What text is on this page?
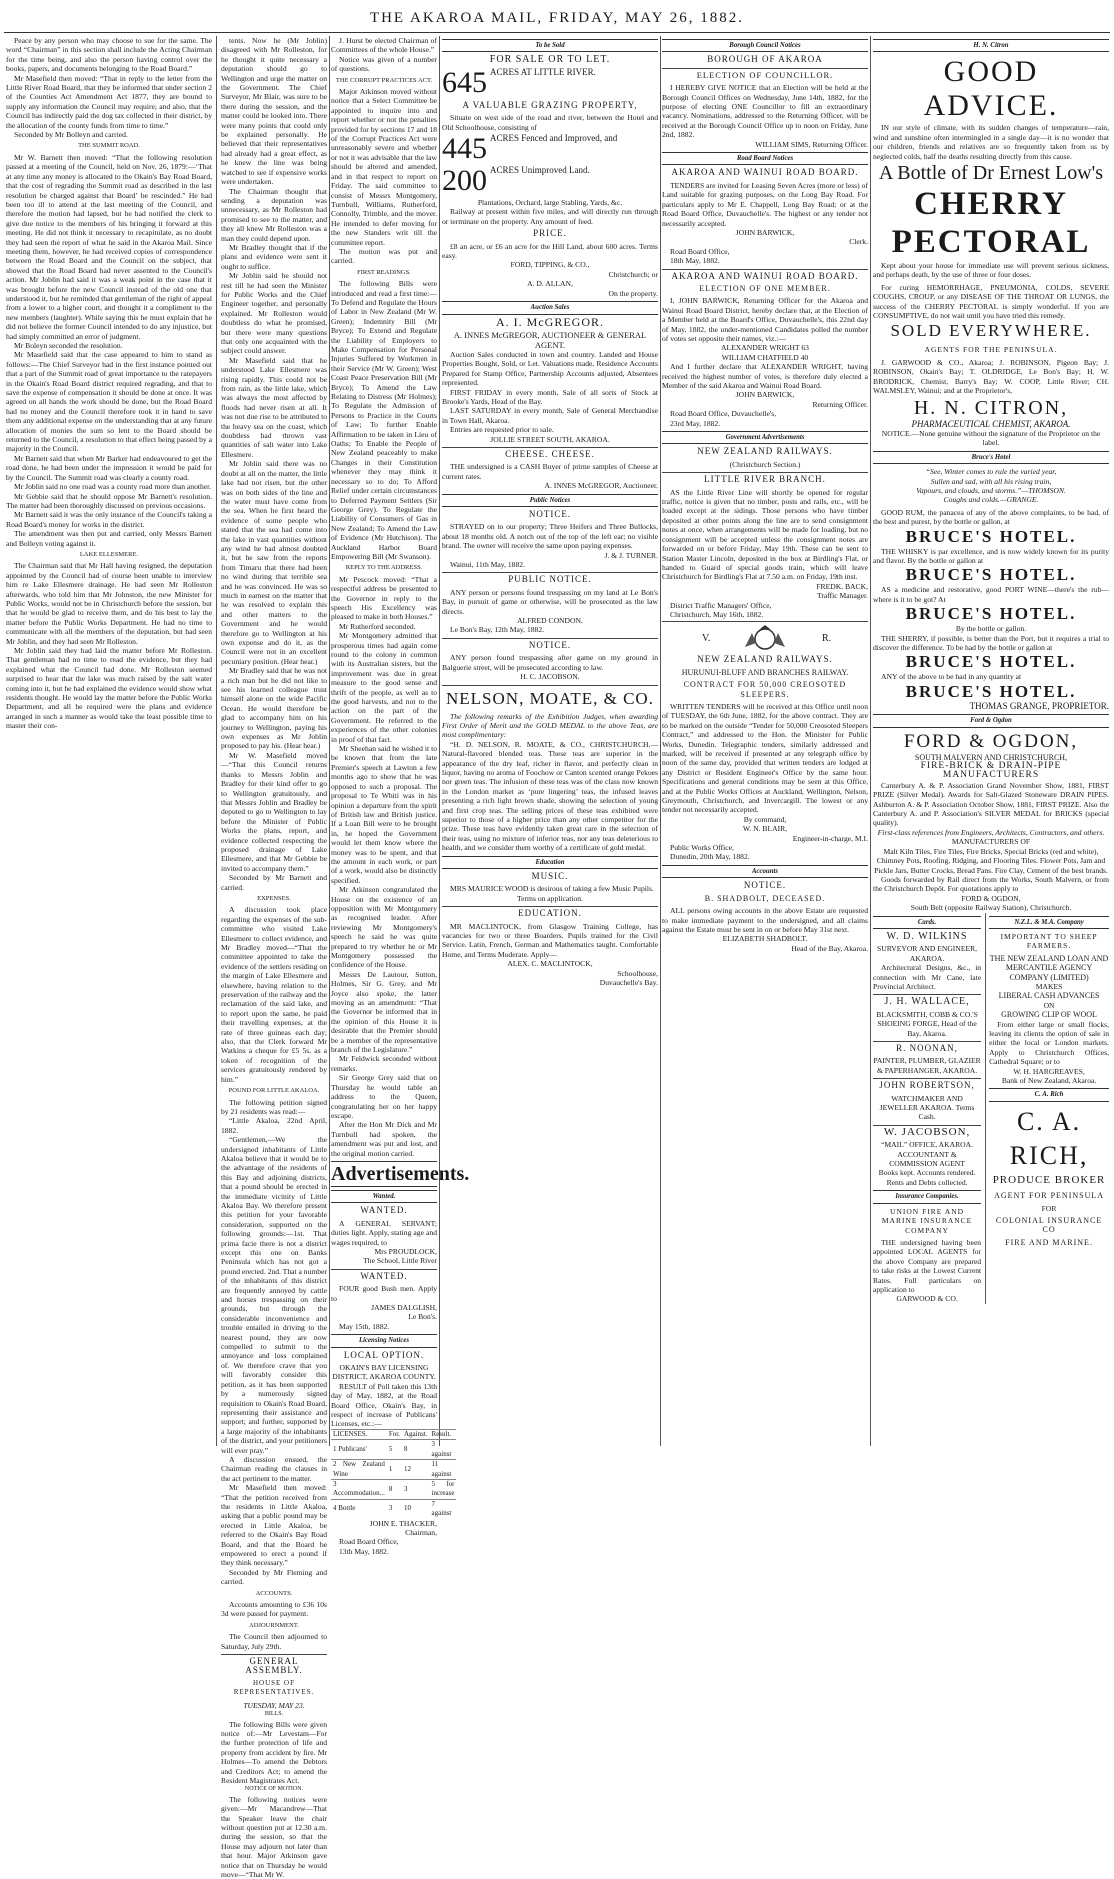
THE AKAROA MAIL, FRIDAY, MAY 26, 1882.

Peace by any person who may choose to sue for the same. The word “Chairman” in this section shall include the Acting Chairman for the time being, and also the person having control over the books, papers, and documents belonging to the Road Board.”

Mr Masefield then moved: “That in reply to the letter from the Little River Road Board, that they be informed that under section 2 of the Counties Act Amendment Act 1877, they are bound to supply any information the Council may require; and also, that the Council has indirectly paid the dog tax collected in their district, by the allocation of the county funds from time to time.”

Seconded by Mr Bolleyn and carried.

THE SUMMIT ROAD.

Mr W. Barnett then moved: “That the following resolution passed at a meeting of the Council, held on Nov. 26, 1879:—‘That at any time any money is allocated to the Okain's Bay Road Board, that the cost of regrading the Summit road as described in the last resolution be charged against that Board’ be rescinded.” He had been too ill to attend at the last meeting of the Council, and therefore the motion had lapsed, but he had notified the clerk to give due notice to the members of his bringing it forward at this meeting. He did not think it necessary to recapitulate, as no doubt they had seen the report of what he said in the Akaroa Mail. Since meeting them, however, he had received copies of correspondence between the Road Board and the Council on the subject, that showed that the Road Board had never assented to the Council's action. Mr Joblin had said it was a weak point in the case that it was brought before the new Council instead of the old one that understood it, but he reminded that gentleman of the right of appeal from a lower to a higher court, and thought it a compliment to the new members (laughter). While saying this he must explain that he did not believe the former Council intended to do any injustice, but had simply committed an error of judgment.

Mr Boleyn seconded the resolution.

Mr Masefield said that the case appeared to him to stand as follows:—The Chief Surveyor had in the first instance pointed out that a part of the Summit road of great importance to the ratepayers in the Okain's Road Board district required regrading, and that to save the expense of compensation it should be done at once. It was agreed on all hands the work should be done, but the Road Board had no money and the Council therefore took it in hand to save them any additional expense on the understanding that at any future allocation of monies the sum so lent to the Board should be returned to the Council, a resolution to that effect being passed by a majority in the Council.

Mr Barnett said that when Mr Barker had endeavoured to get the road done, he had been under the impression it would be paid for by the Council. The Summit road was clearly a county road.

Mr Joblin said no one road was a county road more than another.

Mr Gebbie said that he should oppose Mr Barnett's resolution. The matter had been thoroughly discussed on previous occasions.

Mr Barnett said it was the only instance of the Council's taking a Road Board's money for works in the district.

The amendment was then put and carried, only Messrs Barnett and Bolleyn voting against it.

LAKE ELLESMERE.

The Chairman said that Mr Hall having resigned, the deputation appointed by the Council had of course been unable to interview him re Lake Ellesmere drainage. He had seen Mr Rolleston afterwards, who told him that Mr Johnston, the new Minister for Public Works, would not be in Christchurch before the session, but that he would be glad to receive them, and do his best to lay the matter before the Public Works Department. He had no time to communicate with all the members of the deputation, but had seen Mr Joblin, and they had seen Mr Rolleston.

Mr Joblin said they had laid the matter before Mr Rolleston. That gentleman had no time to read the evidence, but they had explained what the Council had done. Mr Rolleston seemed surprised to hear that the lake was much raised by the salt water coming into it, but he had explained the evidence would show what residents thought. He would lay the matter before the Public Works Department, and all he required were the plans and evidence arranged in such a manner as would take the least possible time to master their con-

tents. Now he (Mr Joblin) disagreed with Mr Rolleston, for he thought it quite necessary a deputation should go to Wellington and urge the matter on the Government. The Chief Surveyor, Mr Blair, was sure to be there during the session, and the matter could be looked into. There were many points that could only be explained personally. He believed that their representatives had already had a great effect, as he knew the line was being watched to see if expensive works were undertaken.

The Chairman thought that sending a deputation was unnecessary, as Mr Rolleston had promised to see to the matter, and they all knew Mr Rolleston was a man they could depend upon.

Mr Bradley thought that if the plans and evidence were sent it ought to suffice.

Mr Joblin said he should not rest till he had seen the Minister for Public Works and the Chief Engineer together, and personally explained. Mr Rolleston would doubtless do what he promised, but there were many questions that only one acquainted with the subject could answer.

Mr Masefield said that he understood Lake Ellesmere was rising rapidly. This could not be from rain, as the little lake, which was always the most affected by floods had never risen at all. It was not due rise to be attributed to the heavy sea on the coast, which doubtless had thrown vast quantities of salt water into Lake Ellesmere.

Mr Joblin said there was no doubt at all on the matter, the little lake had not risen, but the other was on both sides of the line and the water must have come from the sea. When he first heard the evidence of some people who stated that the sea had come into the lake in vast quantities without any wind he had almost doubted it, but he saw from the reports from Timaru that there had been no wind during that terrible sea and he was convinced. He was so much in earnest on the matter that he was resolved to explain this and other matters to the Government and he would therefore go to Wellington at his own expense and do it, as the Council were not in an excellent pecuniary position. (Hear hear.)

Mr Bradley said that he was not a rich man but he did not like to see his learned colleague trust himself alone on the wide Pacific Ocean. He would therefore be glad to accompany him on his journey to Wellington, paying his own expenses as Mr Joblin proposed to pay his. (Hear hear.)

Mr W. Masefield moved—“That this Council returns thanks to Messrs Joblin and Bradley for their kind offer to go to Wellington gratuitously, and that Messrs Joblin and Bradley be deputed to go to Wellington to lay before the Minister of Public Works the plans, report, and evidence collected respecting the proposed drainage of Lake Ellesmere, and that Mr Gebbie be invited to accompany them.”

Seconded by Mr Barnett and carried.

EXPENSES.

A discussion took place regarding the expenses of the sub-committee who visited Lake Ellesmere to collect evidence, and Mr Bradley moved—“That the committee appointed to take the evidence of the settlers residing on the margin of Lake Ellesmere and elsewhere, having relation to the preservation of the railway and the reclamation of the said lake, and to report upon the same, be paid their travelling expenses, at the rate of three guineas each day; also, that the Clerk forward Mr Watkins a cheque for £5 5s, as a token of recognition of the services gratuitously rendered by him.”

POUND FOR LITTLE AKALOA.

The following petition signed by 21 residents was read:—

“Little Akaloa, 22nd April, 1882.

“Gentlemen,—We the undersigned inhabitants of Little Akaloa believe that it would be to the advantage of the residents of this Bay and adjoining districts, that a pound should be erected in the immediate vicinity of Little Akaloa Bay. We therefore present this petition for your favorable consideration, supported on the following grounds:—1st. That prima facie there is not a district except this one on Banks Peninsula which has not got a pound erected. 2nd. That a number of the inhabitants of this district are frequently annoyed by cattle and horses trespassing on their grounds, but through the considerable inconvenience and trouble entailed in driving to the nearest pound, they are now compelled to submit to the annoyance and loss complained of. We therefore crave that you will favorably consider this petition, as it has been supported by a numerously signed requisition to Okain's Road Board, representing their assistance and support; and further, supported by a large majority of the inhabitants of the district, and your petitioners will ever pray.”

A discussion ensued, the Chairman reading the clauses in the act pertinent to the matter.

Mr Masefield then moved: “That the petition received from the residents in Little Akaloa, asking that a public pound may be erected in Little Akaloa, be referred to the Okain's Bay Road Board, and that the Board be empowered to erect a pound if they think necessary.”

Seconded by Mr Fleming and carried.

ACCOUNTS.

Accounts amounting to £36 10s 3d were passed for payment.

ADJOURNMENT.

The Council then adjourned to Saturday, July 29th.

GENERAL ASSEMBLY.
HOUSE OF REPRESENTATIVES.
TUESDAY, MAY 23.
BILLS.

The following Bills were given notice of:—Mr Levestam—For the further protection of life and property from accident by fire. Mr Holmes—To amend the Debtors and Creditors Act; to amend the Resident Magistrates Act.

NOTICE OF MOTION.

The following notices were given:—Mr Macandrew—That the Speaker leave the chair without question put at 12.30 a.m. during the session, so that the House may adjourn not later than that hour. Major Atkinson gave notice that on Thursday he would move—“That Mr W.

J. Hurst be elected Chairman of Committees of the whole House.”

Notice was given of a number of questions.

THE CORRUPT PRACTICES ACT.

Major Atkinson moved without notice that a Select Committee be appointed to inquire into and report whether or not the penalties provided for by sections 17 and 18 of the Corrupt Practices Act were unreasonably severe and whether or not it was advisable that the law should be altered and amended, and in that respect to report on Friday. The said committee to consist of Messrs Montgomery, Turnbull, Williams, Rutherford, Connolly, Trimble, and the mover. He intended to defer moving for the new Standers writ till the committee report.

The motion was put and carried.

FIRST READINGS.

The following Bills were introduced and read a first time:—To Defend and Regulate the Hours of Labor in New Zealand (Mr W. Green); Indemnity Bill (Mr Bryce); To Extend and Regulate the Liability of Employers to Make Compensation for Personal Injuries Suffered by Workmen in their Service (Mr W. Green); West Coast Peace Preservation Bill (Mr Bryce); To Amend the Law Relating to Distress (Mr Holmes); To Regulate the Admission of Persons to Practice in the Courts of Law; To further Enable Affirmation to be taken in Lieu of Oaths; To Enable the People of New Zealand peaceably to make Changes in their Constitution whenever they may think it necessary so to do; To Afford Relief under certain circumstances to Deferred Payment Settlers (Sir George Grey). To Regulate the Liability of Consumers of Gas in New Zealand; To Amend the Law of Evidence (Mr Hutchison). The Auckland Harbor Board Empowering Bill (Mr Swanson).

REPLY TO THE ADDRESS.

Mr Pescock moved: “That a respectful address be presented to the Governor in reply to the speech His Excellency was pleased to make in both Houses.”

Mr Rutherford seconded.

Mr Montgomery admitted that prosperous times had again come round to the colony in common with its Australian sisters, but the improvement was due in great measure to the good sense and thrift of the people, as well as to the good harvests, and not to the action on the part of the Government. He referred to the experiences of the other colonies in proof of that fact.

Mr Sheehan said he wished it to be known that from the late Premier's speech at Lawton a few months ago to show that he was opposed to such a proposal. The proposal to Te Whiti was in his opinion a departure from the spirit of British law and British justice. If a Loan Bill were to be brought in, he hoped the Government would let them know where the money was to be spent, and that the amount in each work, or part of a work, would also be distinctly specified.

Mr Atkinson congratulated the House on the existence of an opposition with Mr Montgomery as recognised leader. After reviewing Mr Montgomery's speech he said he was quite prepared to try whether he or Mr Montgomery possessed the confidence of the House.

Messrs De Lautour, Sutton, Holmes, Sir G. Grey, and Mr Joyce also spoke, the latter moving as an amendment: “That the Governor be informed that in the opinion of this House it is desirable that the Premier should be a member of the representative branch of the Legislature.”

Mr Feldwick seconded without remarks.

Sir George Grey said that on Thursday he would table an address to the Queen, congratulating her on her happy escape.

After the Hon Mr Dick and Mr Turnbull had spoken, the amendment was put and lost, and the original motion carried.

Advertisements.
Wanted.
WANTED.

A GENERAL SERVANT; duties light. Apply, stating age and wages required, to

Mrs PROUDLOCK,

The School, Little River

WANTED.

FOUR good Bush men. Apply to

JAMES DALGLISH,

Le Bon's.

May 15th, 1882.

Licensing Notices
LOCAL OPTION.
OKAIN'S BAY LICENSING DISTRICT, AKAROA COUNTY.

RESULT of Poll taken this 13th day of May, 1882, at the Road Board Office, Okain's Bay, in respect of increase of Publicans' Licenses, etc.:—

LICENSES.	For.	Against.	Result.
1 Publicans'	5	8	3 against
2 New Zealand Wine	1	12	11 against
3 Accommodation...	8	3	5 for increase
4 Bottle	3	10	7 against

JOHN E. THACKER,

Chairman,

Road Board Office,

13th May, 1882.

To be Sold
FOR SALE OR TO LET.
645 ACRES AT LITTLE RIVER.
A VALUABLE GRAZING PROPERTY,

Situate on west side of the road and river, between the Hotel and Old Schoolhouse, consisting of

445 ACRES Fenced and Improved, and
200 ACRES Unimproved Land.

Plantations, Orchard, large Stabling, Yards, &c.

Railway at present within five miles, and will directly run through or terminate on the property. Any amount of feed.

PRICE.

£8 an acre, or £6 an acre for the Hill Land, about 600 acres. Terms easy.

FORD, TIPPING, & CO.,

Christchurch; or

A. D. ALLAN,

On the property.

Auction Sales
A. I. McGREGOR.

A. INNES McGREGOR, AUCTIONEER & GENERAL AGENT.

Auction Sales conducted in town and country. Landed and House Properties Bought, Sold, or Let. Valuations made, Residence Accounts Prepared for Stamp Office, Partnership Accounts adjusted, Absentees represented.

FIRST FRIDAY in every month, Sale of all sorts of Stock at Brooke's Yards, Head of the Bay.

LAST SATURDAY in every month, Sale of General Merchandise in Town Hall, Akaroa.

Entries are requested prior to sale.

JOLLIE STREET SOUTH, AKAROA.

CHEESE. CHEESE.

THE undersigned is a CASH Buyer of prime samples of Cheese at current rates.

A. INNES McGREGOR, Auctioneer.

Public Notices
NOTICE.

STRAYED on to our property; Three Heifers and Three Bullocks, about 18 months old. A notch out of the top of the left ear; no visible brand. The owner will receive the same upon paying expenses.

J. & J. TURNER.

Wainui, 11th May, 1882.

PUBLIC NOTICE.

ANY person or persons found trespassing on my land at Le Bon's Bay, in pursuit of game or otherwise, will be prosecuted as the law directs.

ALFRED CONDON.

Le Bon's Bay, 12th May, 1882.

NOTICE.

ANY person found trespassing after game on my ground in Balguerie street, will be prosecuted according to law.

H. C. JACOBSON.

NELSON, MOATE, & CO.

The following remarks of the Exhibition Judges, when awarding First Order of Merit and the GOLD MEDAL to the above Teas, are most complimentary:

“H. D. NELSON, R. MOATE, & CO., CHRISTCHURCH.—Natural-flavored blended teas. These teas are superior in the appearance of the dry leaf, richer in flavor, and perfectly clean in liquor, having no aroma of Foochow or Canton scented orange Pekoes nor green teas. The infusion of these teas was of the class now known in the London market as ‘pure lingering’ teas, the infused leaves presenting a rich light brown shade, showing the selection of young and first crop teas. The selling prices of these teas exhibited were superior to those of a higher price than any other competitor for the prize. These teas have evidently taken great care in the selection of their teas, using no mixture of inferior teas, nor any teas deleterious to health, and we consider them worthy of a certificate of gold medal.

Education
MUSIC.

MRS MAURICE WOOD is desirous of taking a few Music Pupils.

Terms on application.

EDUCATION.

MR MACLINTOCK, from Glasgow Training College, has vacancies for two or three Boarders. Pupils trained for the Civil Service. Latin, French, German and Mathematics taught. Comfortable Home, and Terms Moderate. Apply—

ALEX. C. MACLINTOCK,

Schoolhouse,

Duvauchelle's Bay.

Borough Council Notices
BOROUGH OF AKAROA
ELECTION OF COUNCILLOR.

I HEREBY GIVE NOTICE that an Election will be held at the Borough Council Offices on Wednesday, June 14th, 1882, for the purpose of electing ONE Councillor to fill an extraordinary vacancy. Nominations, addressed to the Returning Officer, will be received at the Borough Council Office up to noon on Friday, June 2nd, 1882.

WILLIAM SIMS, Returning Officer.

Road Board Notices
AKAROA AND WAINUI ROAD BOARD.

TENDERS are invited for Leasing Seven Acres (more or less) of Land suitable for grazing purposes, on the Long Bay Road. For particulars apply to Mr E. Chappell, Long Bay Road; or at the Road Board Office, Duvauchelle's. The highest or any tender not necessarily accepted.

JOHN BARWICK,

Clerk.

Road Board Office,

18th May, 1882.

AKAROA AND WAINUI ROAD BOARD.
ELECTION OF ONE MEMBER.

I, JOHN BARWICK, Returning Officer for the Akaroa and Wainui Road Board District, hereby declare that, at the Election of a Member held at the Board's Office, Duvauchelle's, this 22nd day of May, 1882, the under-mentioned Candidates polled the number of votes set opposite their names, viz.:—

ALEXANDER WRIGHT 63

WILLIAM CHATFIELD 40

And I further declare that ALEXANDER WRIGHT, having received the highest number of votes, is therefore duly elected a Member of the said Akaroa and Wainui Road Board.

JOHN BARWICK,

Returning Officer.

Road Board Office, Duvauchelle's,

23rd May, 1882.

Government Advertisements
NEW ZEALAND RAILWAYS.

(Christchurch Section.)

LITTLE RIVER BRANCH.

AS the Little River Line will shortly be opened for regular traffic, notice is given that no timber, posts and rails, etc., will be loaded except at the sidings. Those persons who have timber deposited at other points along the line are to send consignment notes at once, when arrangements will be made for loading, but no consignment will be accepted unless the consignment notes are forwarded on or before Friday, May 19th. These can be sent to Station Master Lincoln, deposited in the box at Birdling's Flat, or handed to Guard of special goods train, which will leave Christchurch for Birdling's Flat at 7.50 a.m. on Friday, 19th inst.

FREDK. BACK,

Traffic Manager.

District Traffic Managers' Office,

Christchurch, May 16th, 1882.

V.	R.
NEW ZEALAND RAILWAYS.

HURUNUI-BLUFF AND BRANCHES RAILWAY.

CONTRACT FOR 50,000 CREOSOTED SLEEPERS.

WRITTEN TENDERS will be received at this Office until noon of TUESDAY, the 6th June, 1882, for the above contract. They are to be marked on the outside “Tender for 50,000 Creosoted Sleepers Contract,” and addressed to the Hon. the Minister for Public Works, Dunedin. Telegraphic tenders, similarly addressed and marked, will be received if presented at any telegraph office by noon of the same day, provided that written tenders are lodged at any District or Resident Engineer's Office by the same hour. Specifications and general conditions may be seen at this Office, and at the Public Works Offices at Auckland, Wellington, Nelson, Greymouth, Christchurch, and Invercargill. The lowest or any tender not necessarily accepted.

By command,

W. N. BLAIR,

Engineer-in-charge, M.I.

Public Works Office,

Dunedin, 20th May, 1882.

Accounts
NOTICE.
B. SHADBOLT, DECEASED.

ALL persons owing accounts in the above Estate are requested to make immediate payment to the undersigned, and all claims against the Estate must be sent in on or before May 31st next.

ELIZABETH SHADBOLT.

Head of the Bay, Akaroa.

H. N. Citron
GOOD ADVICE.

IN our style of climate, with its sudden changes of temperature—rain, wind and sunshine often intermingled in a single day—it is no wonder that our children, friends and relatives are so frequently taken from us by neglected colds, half the deaths resulting directly from this cause.

A Bottle of Dr Ernest Low's
CHERRY PECTORAL

Kept about your house for immediate use will prevent serious sickness, and perhaps death, by the use of three or four doses.

For curing HEMORRHAGE, PNEUMONIA, COLDS, SEVERE COUGHS, CROUP, or any DISEASE OF THE THROAT OR LUNGS, the success of the CHERRY PECTORAL is simply wonderful. If you are CONSUMPTIVE, do not wait until you have tried this remedy.

SOLD EVERYWHERE.
AGENTS FOR THE PENINSULA.

J. GARWOOD & CO., Akaroa; J. ROBINSON, Pigeon Bay; J. ROBINSON, Okain's Bay; T. OLDRIDGE, Le Bon's Bay; H. W. BRODRICK, Chemist, Barry's Bay; W. COOP, Little River; CH. WALMSLEY, Wainui; and at the Proprietor's,

H. N. CITRON,

PHARMACEUTICAL CHEMIST, AKAROA.

NOTICE.—None genuine without the signature of the Proprietor on the label.

Bruce's Hotel

“See, Winter comes to rule the varied year,

Sullen and sad, with all his rising train,

Vapours, and clouds, and storms.”—THOMSON.

Coughs and colds.—GRANGE.

GOOD RUM, the panacea of any of the above complaints, to be had, of the best and purest, by the bottle or gallon, at

BRUCE'S HOTEL.

THE WHISKY is par excellence, and is now widely known for its purity and flavor. By the bottle or gallon at

BRUCE'S HOTEL.

AS a medicine and restorative, good PORT WINE—there's the rub—where is it to be got? At

BRUCE'S HOTEL.

By the bottle or gallon.

THE SHERRY, if possible, is better than the Port, but it requires a trial to discover the difference. To be had by the bottle or gallon at

BRUCE'S HOTEL.

ANY of the above to be had in any quantity at

BRUCE'S HOTEL.

THOMAS GRANGE, PROPRIETOR.

Ford & Ogdon
FORD & OGDON,

SOUTH MALVERN AND CHRISTCHURCH,

FIRE-BRICK & DRAIN-PIPE MANUFACTURERS

Canterbury A. & P. Association Grand November Show, 1881, FIRST PRIZE (Silver Medal). Awards for Salt-Glazed Stoneware DRAIN PIPES. Ashburton A. & P. Association October Show, 1881, FIRST PRIZE. Also the Canterbury A. and P. Association's SILVER MEDAL for BRICKS (special quality).

First-class references from Engineers, Architects, Contractors, and others.

MANUFACTURERS OF

Malt Kiln Tiles, Fire Tiles, Fire Bricks, Special Bricks (red and white), Chimney Pots, Roofing, Ridging, and Flooring Tiles. Flower Pots, Jam and Pickle Jars, Butter Crocks, Bread Pans. Fire Clay, Cement of the best brands.

Goods forwarded by Rail direct from the Works, South Malvern, or from the Christchurch Depôt. For quotations apply to

FORD & OGDON,

South Belt (opposite Railway Station), Christchurch.

Cards.
W. D. WILKINS

SURVEYOR AND ENGINEER, AKAROA.

Architectural Designs, &c., in connection with Mr Cane, late Provincial Architect.

J. H. WALLACE,

BLACKSMITH, COBB & CO.'S SHOEING FORGE, Head of the Bay, Akaroa.

R. NOONAN,

PAINTER, PLUMBER, GLAZIER & PAPERHANGER, AKAROA.

JOHN ROBERTSON,

WATCHMAKER AND JEWELLER AKAROA. Terms Cash.

W. JACOBSON,

“MAIL” OFFICE, AKAROA. ACCOUNTANT & COMMISSION AGENT

Books kept. Accounts rendered. Rents and Debts collected.

Insurance Companies.
UNION FIRE AND MARINE INSURANCE COMPANY

THE undersigned having been appointed LOCAL AGENTS for the above Company are prepared to take risks at the Lowest Current Rates. Full particulars on application to

GARWOOD & CO.

N.Z.L. & M.A. Company
IMPORTANT TO SHEEP FARMERS.

THE NEW ZEALAND LOAN AND MERCANTILE AGENCY COMPANY (LIMITED)

MAKES

LIBERAL CASH ADVANCES

ON

GROWING CLIP OF WOOL

From either large or small flocks, leaving its clients the option of sale in either the local or London markets. Apply to Christchurch Offices, Cathedral Square; or to

W. H. HARGREAVES,

Bank of New Zealand, Akaroa.

C. A. Rich
C. A. RICH,
PRODUCE BROKER
AGENT FOR PENINSULA

FOR

COLONIAL INSURANCE CO
FIRE AND MARINE.
